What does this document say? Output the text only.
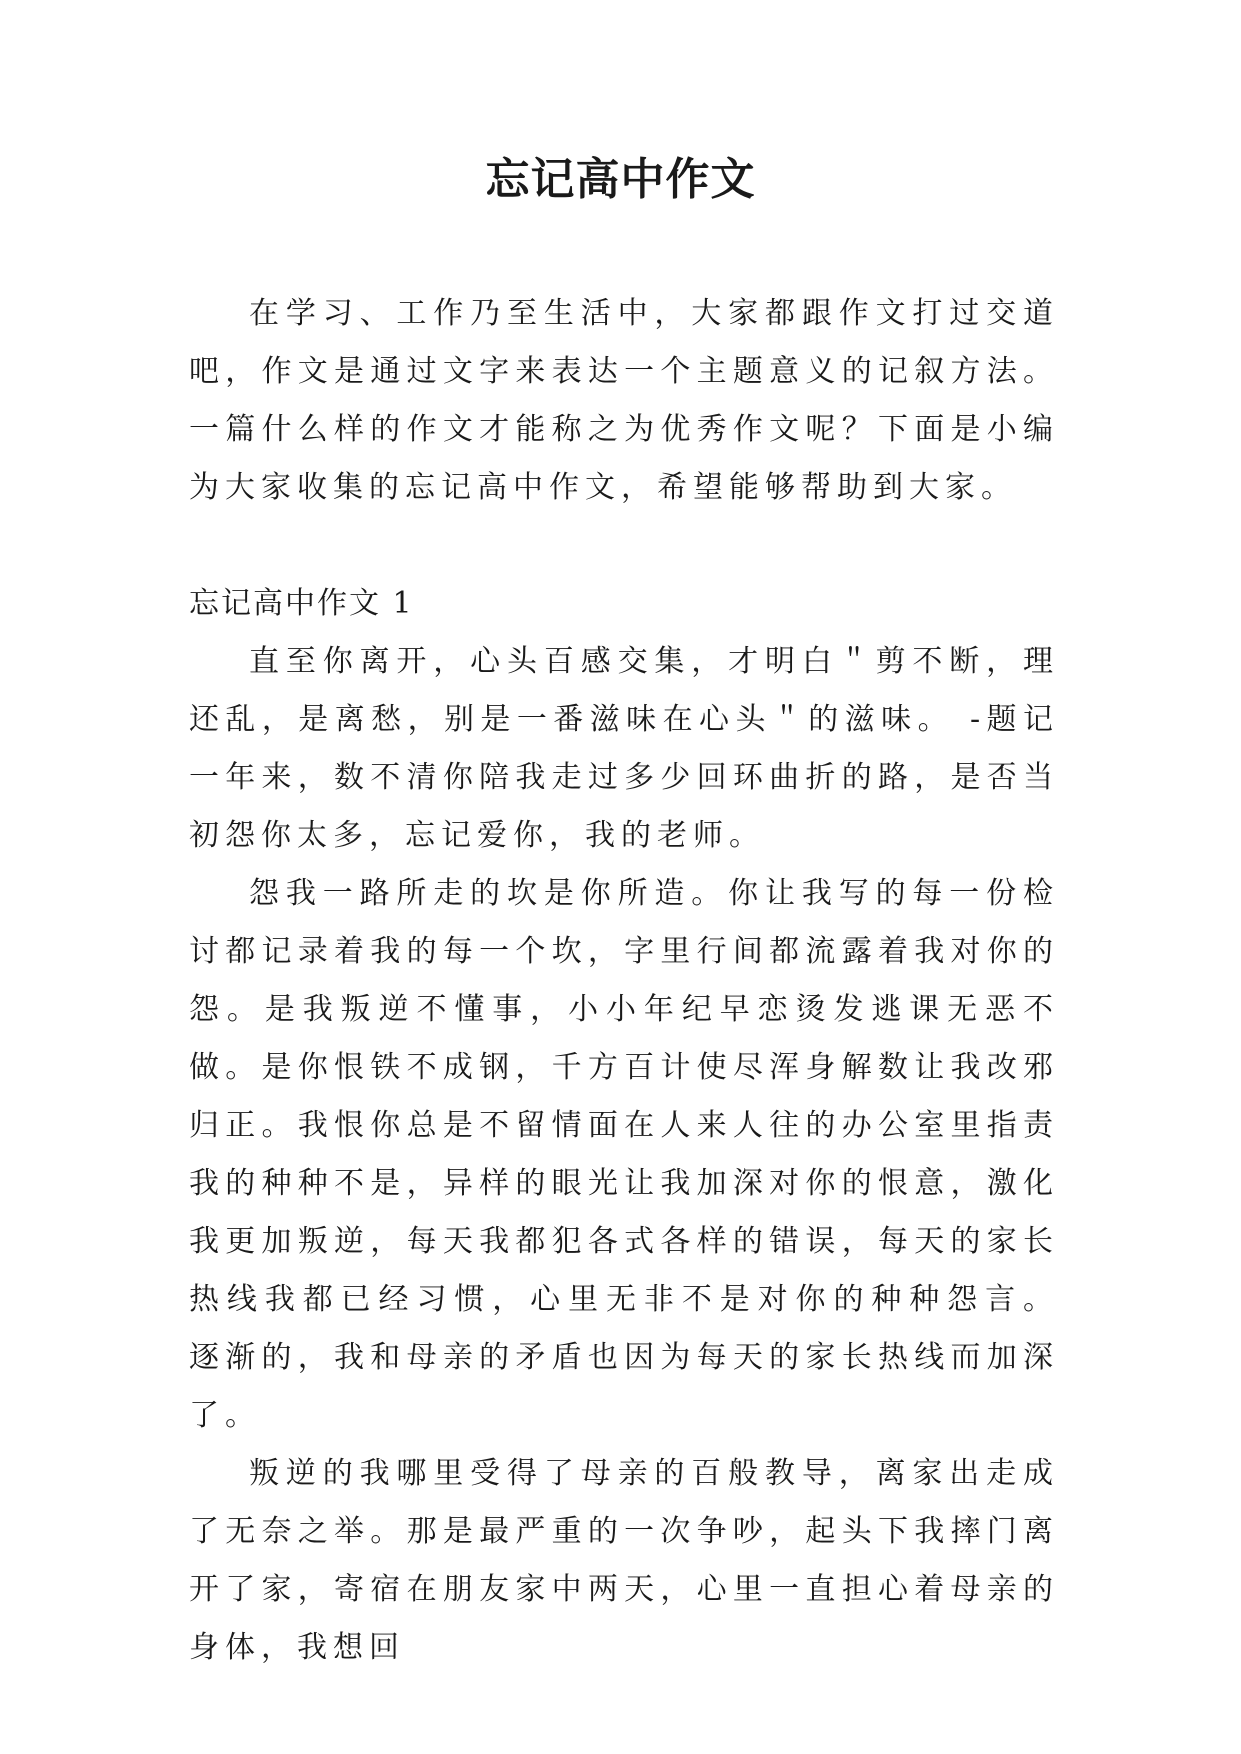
忘记高中作文

在学习、工作乃至生活中，大家都跟作文打过交道吧，作文是通过文字来表达一个主题意义的记叙方法。一篇什么样的作文才能称之为优秀作文呢？下面是小编为大家收集的忘记高中作文，希望能够帮助到大家。

忘记高中作文 1

直至你离开，心头百感交集，才明白＂剪不断，理还乱，是离愁，别是一番滋味在心头＂的滋味。 -题记一年来，数不清你陪我走过多少回环曲折的路，是否当初怨你太多，忘记爱你，我的老师。

怨我一路所走的坎是你所造。你让我写的每一份检讨都记录着我的每一个坎，字里行间都流露着我对你的怨。是我叛逆不懂事，小小年纪早恋烫发逃课无恶不做。是你恨铁不成钢，千方百计使尽浑身解数让我改邪归正。我恨你总是不留情面在人来人往的办公室里指责我的种种不是，异样的眼光让我加深对你的恨意，激化我更加叛逆，每天我都犯各式各样的错误，每天的家长热线我都已经习惯，心里无非不是对你的种种怨言。 逐渐的，我和母亲的矛盾也因为每天的家长热线而加深了。

叛逆的我哪里受得了母亲的百般教导，离家出走成了无奈之举。那是最严重的一次争吵，起头下我摔门离开了家，寄宿在朋友家中两天，心里一直担心着母亲的身体，我想回
